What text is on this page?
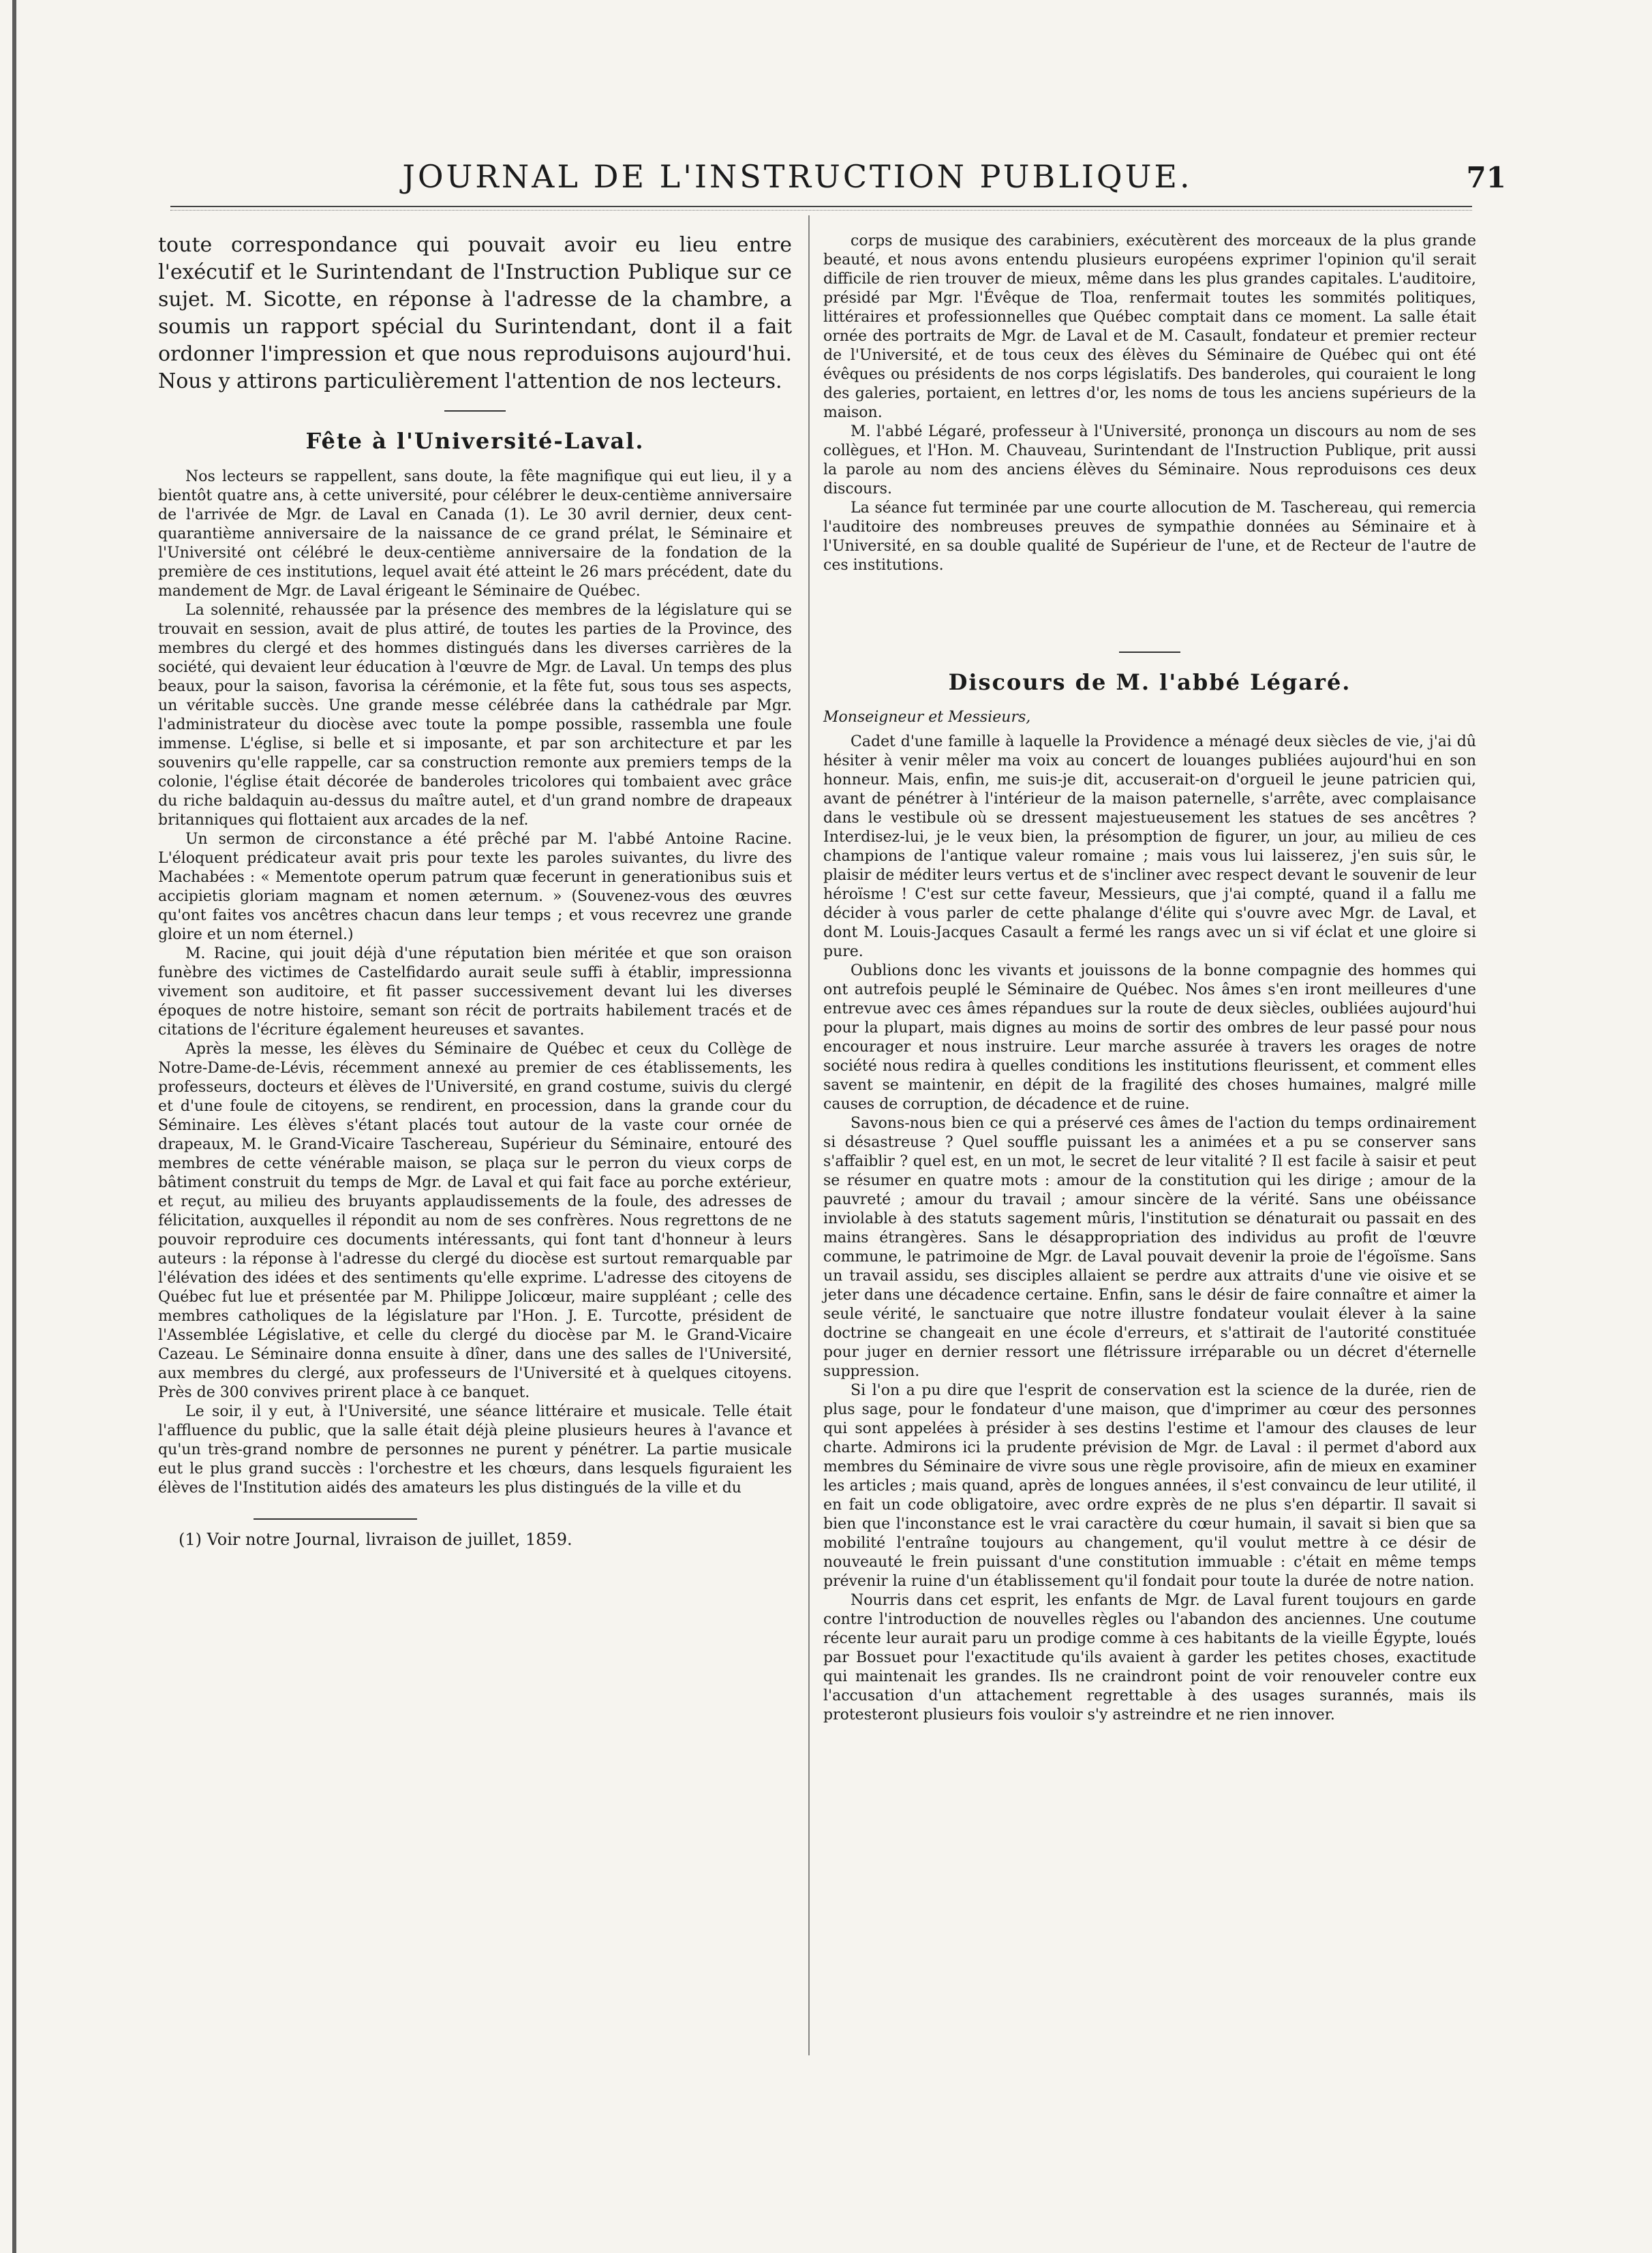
JOURNAL DE L'INSTRUCTION PUBLIQUE.	71

toute correspondance qui pouvait avoir eu lieu entre l'exécutif et le Surintendant de l'Instruction Publique sur ce sujet. M. Sicotte, en réponse à l'adresse de la chambre, a soumis un rapport spécial du Surintendant, dont il a fait ordonner l'impression et que nous reproduisons aujourd'hui. Nous y attirons particulièrement l'attention de nos lecteurs.

Fête à l'Université-Laval.

Nos lecteurs se rappellent, sans doute, la fête magnifique qui eut lieu, il y a bientôt quatre ans, à cette université, pour célébrer le deux-centième anniversaire de l'arrivée de Mgr. de Laval en Canada (1). Le 30 avril dernier, deux cent-quarantième anniversaire de la naissance de ce grand prélat, le Séminaire et l'Université ont célébré le deux-centième anniversaire de la fondation de la première de ces institutions, lequel avait été atteint le 26 mars précédent, date du mandement de Mgr. de Laval érigeant le Séminaire de Québec.

La solennité, rehaussée par la présence des membres de la législature qui se trouvait en session, avait de plus attiré, de toutes les parties de la Province, des membres du clergé et des hommes distingués dans les diverses carrières de la société, qui devaient leur éducation à l'œuvre de Mgr. de Laval. Un temps des plus beaux, pour la saison, favorisa la cérémonie, et la fête fut, sous tous ses aspects, un véritable succès. Une grande messe célébrée dans la cathédrale par Mgr. l'administrateur du diocèse avec toute la pompe possible, rassembla une foule immense. L'église, si belle et si imposante, et par son architecture et par les souvenirs qu'elle rappelle, car sa construction remonte aux premiers temps de la colonie, l'église était décorée de banderoles tricolores qui tombaient avec grâce du riche baldaquin au-dessus du maître autel, et d'un grand nombre de drapeaux britanniques qui flottaient aux arcades de la nef.

Un sermon de circonstance a été prêché par M. l'abbé Antoine Racine. L'éloquent prédicateur avait pris pour texte les paroles suivantes, du livre des Machabées : « Mementote operum patrum quæ fecerunt in generationibus suis et accipietis gloriam magnam et nomen æternum. » (Souvenez-vous des œuvres qu'ont faites vos ancêtres chacun dans leur temps ; et vous recevrez une grande gloire et un nom éternel.)

M. Racine, qui jouit déjà d'une réputation bien méritée et que son oraison funèbre des victimes de Castelfidardo aurait seule suffi à établir, impressionna vivement son auditoire, et fit passer successivement devant lui les diverses époques de notre histoire, semant son récit de portraits habilement tracés et de citations de l'écriture également heureuses et savantes.

Après la messe, les élèves du Séminaire de Québec et ceux du Collège de Notre-Dame-de-Lévis, récemment annexé au premier de ces établissements, les professeurs, docteurs et élèves de l'Université, en grand costume, suivis du clergé et d'une foule de citoyens, se rendirent, en procession, dans la grande cour du Séminaire. Les élèves s'étant placés tout autour de la vaste cour ornée de drapeaux, M. le Grand-Vicaire Taschereau, Supérieur du Séminaire, entouré des membres de cette vénérable maison, se plaça sur le perron du vieux corps de bâtiment construit du temps de Mgr. de Laval et qui fait face au porche extérieur, et reçut, au milieu des bruyants applaudissements de la foule, des adresses de félicitation, auxquelles il répondit au nom de ses confrères. Nous regrettons de ne pouvoir reproduire ces documents intéressants, qui font tant d'honneur à leurs auteurs : la réponse à l'adresse du clergé du diocèse est surtout remarquable par l'élévation des idées et des sentiments qu'elle exprime. L'adresse des citoyens de Québec fut lue et présentée par M. Philippe Jolicœur, maire suppléant ; celle des membres catholiques de la législature par l'Hon. J. E. Turcotte, président de l'Assemblée Législative, et celle du clergé du diocèse par M. le Grand-Vicaire Cazeau. Le Séminaire donna ensuite à dîner, dans une des salles de l'Université, aux membres du clergé, aux professeurs de l'Université et à quelques citoyens. Près de 300 convives prirent place à ce banquet.

Le soir, il y eut, à l'Université, une séance littéraire et musicale. Telle était l'affluence du public, que la salle était déjà pleine plusieurs heures à l'avance et qu'un très-grand nombre de personnes ne purent y pénétrer. La partie musicale eut le plus grand succès : l'orchestre et les chœurs, dans lesquels figuraient les élèves de l'Institution aidés des amateurs les plus distingués de la ville et du

(1) Voir notre Journal, livraison de juillet, 1859.

corps de musique des carabiniers, exécutèrent des morceaux de la plus grande beauté, et nous avons entendu plusieurs européens exprimer l'opinion qu'il serait difficile de rien trouver de mieux, même dans les plus grandes capitales. L'auditoire, présidé par Mgr. l'Évêque de Tloa, renfermait toutes les sommités politiques, littéraires et professionnelles que Québec comptait dans ce moment. La salle était ornée des portraits de Mgr. de Laval et de M. Casault, fondateur et premier recteur de l'Université, et de tous ceux des élèves du Séminaire de Québec qui ont été évêques ou présidents de nos corps législatifs. Des banderoles, qui couraient le long des galeries, portaient, en lettres d'or, les noms de tous les anciens supérieurs de la maison.

M. l'abbé Légaré, professeur à l'Université, prononça un discours au nom de ses collègues, et l'Hon. M. Chauveau, Surintendant de l'Instruction Publique, prit aussi la parole au nom des anciens élèves du Séminaire. Nous reproduisons ces deux discours.

La séance fut terminée par une courte allocution de M. Taschereau, qui remercia l'auditoire des nombreuses preuves de sympathie données au Séminaire et à l'Université, en sa double qualité de Supérieur de l'une, et de Recteur de l'autre de ces institutions.

Discours de M. l'abbé Légaré.
Monseigneur et Messieurs,

Cadet d'une famille à laquelle la Providence a ménagé deux siècles de vie, j'ai dû hésiter à venir mêler ma voix au concert de louanges publiées aujourd'hui en son honneur. Mais, enfin, me suis-je dit, accuserait-on d'orgueil le jeune patricien qui, avant de pénétrer à l'intérieur de la maison paternelle, s'arrête, avec complaisance dans le vestibule où se dressent majestueusement les statues de ses ancêtres ? Interdisez-lui, je le veux bien, la présomption de figurer, un jour, au milieu de ces champions de l'antique valeur romaine ; mais vous lui laisserez, j'en suis sûr, le plaisir de méditer leurs vertus et de s'incliner avec respect devant le souvenir de leur héroïsme ! C'est sur cette faveur, Messieurs, que j'ai compté, quand il a fallu me décider à vous parler de cette phalange d'élite qui s'ouvre avec Mgr. de Laval, et dont M. Louis-Jacques Casault a fermé les rangs avec un si vif éclat et une gloire si pure.

Oublions donc les vivants et jouissons de la bonne compagnie des hommes qui ont autrefois peuplé le Séminaire de Québec. Nos âmes s'en iront meilleures d'une entrevue avec ces âmes répandues sur la route de deux siècles, oubliées aujourd'hui pour la plupart, mais dignes au moins de sortir des ombres de leur passé pour nous encourager et nous instruire. Leur marche assurée à travers les orages de notre société nous redira à quelles conditions les institutions fleurissent, et comment elles savent se maintenir, en dépit de la fragilité des choses humaines, malgré mille causes de corruption, de décadence et de ruine.

Savons-nous bien ce qui a préservé ces âmes de l'action du temps ordinairement si désastreuse ? Quel souffle puissant les a animées et a pu se conserver sans s'affaiblir ? quel est, en un mot, le secret de leur vitalité ? Il est facile à saisir et peut se résumer en quatre mots : amour de la constitution qui les dirige ; amour de la pauvreté ; amour du travail ; amour sincère de la vérité. Sans une obéissance inviolable à des statuts sagement mûris, l'institution se dénaturait ou passait en des mains étrangères. Sans le désappropriation des individus au profit de l'œuvre commune, le patrimoine de Mgr. de Laval pouvait devenir la proie de l'égoïsme. Sans un travail assidu, ses disciples allaient se perdre aux attraits d'une vie oisive et se jeter dans une décadence certaine. Enfin, sans le désir de faire connaître et aimer la seule vérité, le sanctuaire que notre illustre fondateur voulait élever à la saine doctrine se changeait en une école d'erreurs, et s'attirait de l'autorité constituée pour juger en dernier ressort une flétrissure irréparable ou un décret d'éternelle suppression.

Si l'on a pu dire que l'esprit de conservation est la science de la durée, rien de plus sage, pour le fondateur d'une maison, que d'imprimer au cœur des personnes qui sont appelées à présider à ses destins l'estime et l'amour des clauses de leur charte. Admirons ici la prudente prévision de Mgr. de Laval : il permet d'abord aux membres du Séminaire de vivre sous une règle provisoire, afin de mieux en examiner les articles ; mais quand, après de longues années, il s'est convaincu de leur utilité, il en fait un code obligatoire, avec ordre exprès de ne plus s'en départir. Il savait si bien que l'inconstance est le vrai caractère du cœur humain, il savait si bien que sa mobilité l'entraîne toujours au changement, qu'il voulut mettre à ce désir de nouveauté le frein puissant d'une constitution immuable : c'était en même temps prévenir la ruine d'un établissement qu'il fondait pour toute la durée de notre nation.

Nourris dans cet esprit, les enfants de Mgr. de Laval furent toujours en garde contre l'introduction de nouvelles règles ou l'abandon des anciennes. Une coutume récente leur aurait paru un prodige comme à ces habitants de la vieille Égypte, loués par Bossuet pour l'exactitude qu'ils avaient à garder les petites choses, exactitude qui maintenait les grandes. Ils ne craindront point de voir renouveler contre eux l'accusation d'un attachement regrettable à des usages surannés, mais ils protesteront plusieurs fois vouloir s'y astreindre et ne rien innover.
